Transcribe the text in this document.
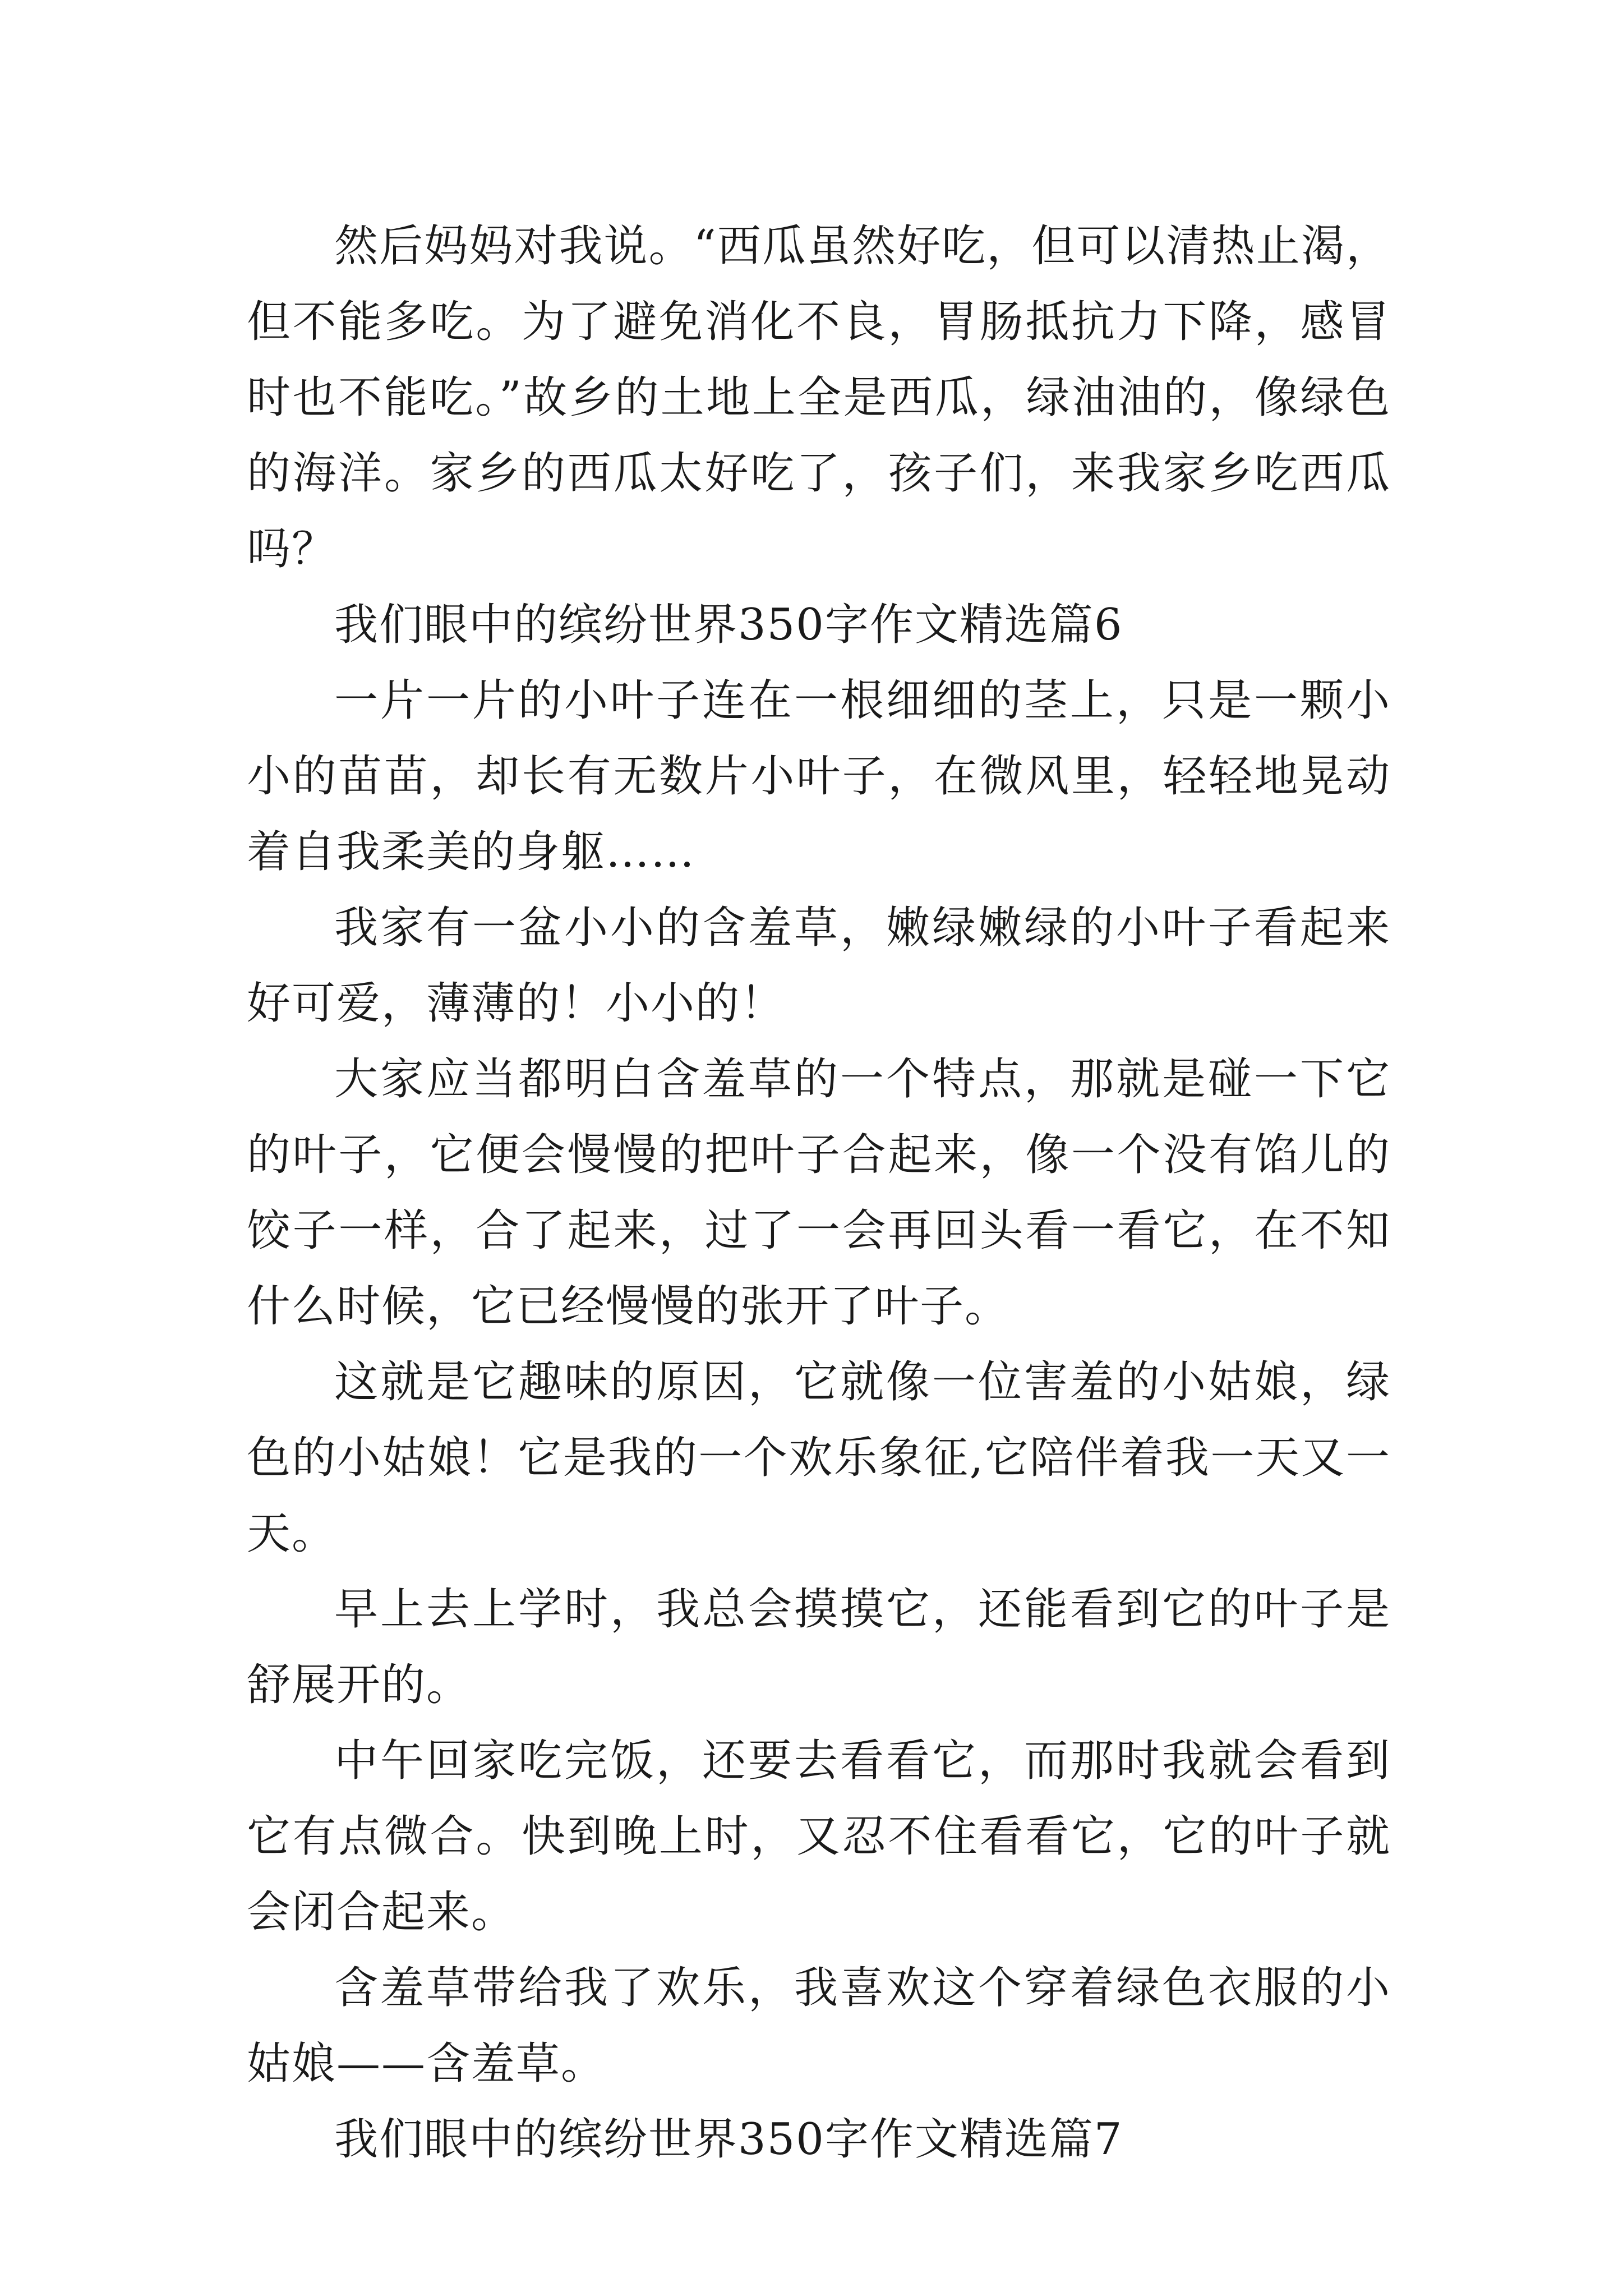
然后妈妈对我说。“西瓜虽然好吃，但可以清热止渴，但不能多吃。为了避免消化不良，胃肠抵抗力下降，感冒时也不能吃。”故乡的土地上全是西瓜，绿油油的，像绿色的海洋。家乡的西瓜太好吃了，孩子们，来我家乡吃西瓜吗？

我们眼中的缤纷世界350字作文精选篇6

一片一片的小叶子连在一根细细的茎上，只是一颗小小的苗苗，却长有无数片小叶子，在微风里，轻轻地晃动着自我柔美的身躯……

我家有一盆小小的含羞草，嫩绿嫩绿的小叶子看起来好可爱，薄薄的！小小的！

大家应当都明白含羞草的一个特点，那就是碰一下它的叶子，它便会慢慢的把叶子合起来，像一个没有馅儿的饺子一样，合了起来，过了一会再回头看一看它，在不知什么时候，它已经慢慢的张开了叶子。

这就是它趣味的原因，它就像一位害羞的小姑娘，绿色的小姑娘！它是我的一个欢乐象征,它陪伴着我一天又一天。

早上去上学时，我总会摸摸它，还能看到它的叶子是舒展开的。

中午回家吃完饭，还要去看看它，而那时我就会看到它有点微合。快到晚上时，又忍不住看看它，它的叶子就会闭合起来。

含羞草带给我了欢乐，我喜欢这个穿着绿色衣服的小姑娘——含羞草。

我们眼中的缤纷世界350字作文精选篇7
